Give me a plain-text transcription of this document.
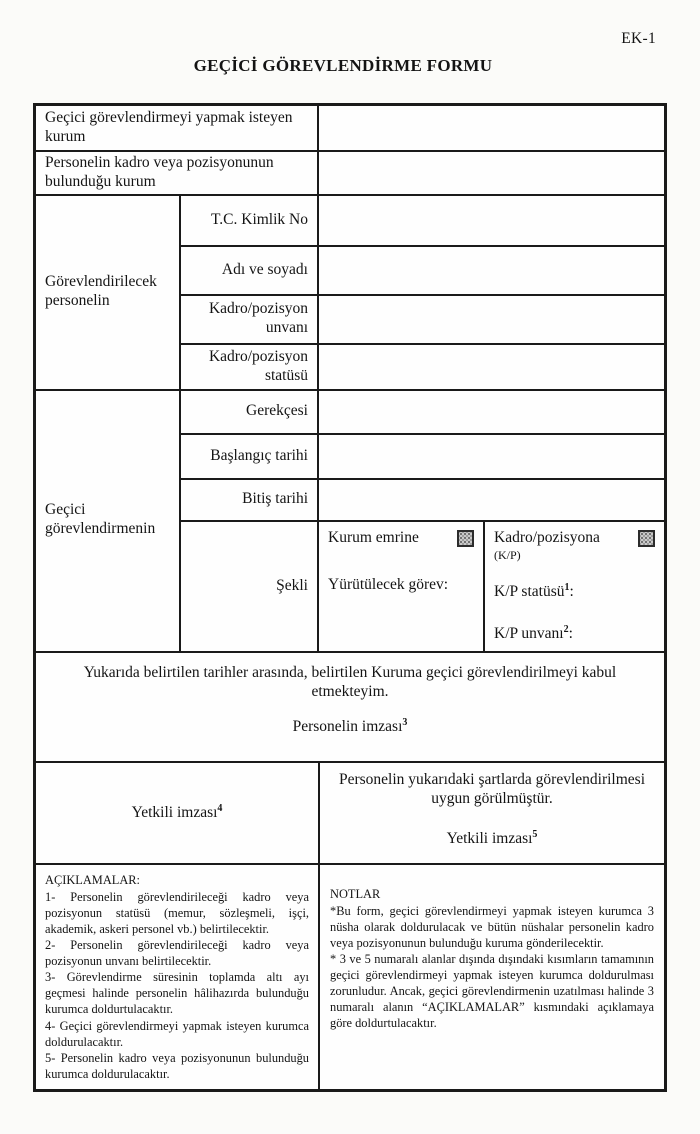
EK-1
GEÇİCİ GÖREVLENDİRME FORMU
Geçici görevlendirmeyi yapmak isteyen kurum
Personelin kadro veya pozisyonunun bulunduğu kurum
Görevlendirilecek personelin
T.C. Kimlik No
Adı ve soyadı
Kadro/pozisyon unvanı
Kadro/pozisyon statüsü
Geçici görevlendirmenin
Gerekçesi
Başlangıç tarihi
Bitiş tarihi
Şekli
Kurum emrine
Yürütülecek görev:
Kadro/pozisyona
(K/P)
K/P statüsü$^1$:
K/P unvanı$^2$:
Yukarıda belirtilen tarihler arasında, belirtilen Kuruma geçici görevlendirilmeyi kabul etmekteyim.
Personelin imzası$^3$
Yetkili imzası$^4$
Personelin yukarıdaki şartlarda görevlendirilmesi uygun görülmüştür.
Yetkili imzası$^5$
AÇIKLAMALAR:
1- Personelin görevlendirileceği kadro veya pozisyonun statüsü (memur, sözleşmeli, işçi, akademik, askeri personel vb.) belirtilecektir.
2- Personelin görevlendirileceği kadro veya pozisyonun unvanı belirtilecektir.
3- Görevlendirme süresinin toplamda altı ayı geçmesi halinde personelin hâlihazırda bulunduğu kurumca doldurtulacaktır.
4- Geçici görevlendirmeyi yapmak isteyen kurumca doldurulacaktır.
5- Personelin kadro veya pozisyonunun bulunduğu kurumca doldurulacaktır.
NOTLAR
*Bu form, geçici görevlendirmeyi yapmak isteyen kurumca 3 nüsha olarak doldurulacak ve bütün nüshalar personelin kadro veya pozisyonunun bulunduğu kuruma gönderilecektir.
* 3 ve 5 numaralı alanlar dışında dışındaki kısımların tamamının geçici görevlendirmeyi yapmak isteyen kurumca doldurulması zorunludur. Ancak, geçici görevlendirmenin uzatılması halinde 3 numaralı alanın “AÇIKLAMALAR” kısmındaki açıklamaya göre doldurtulacaktır.
